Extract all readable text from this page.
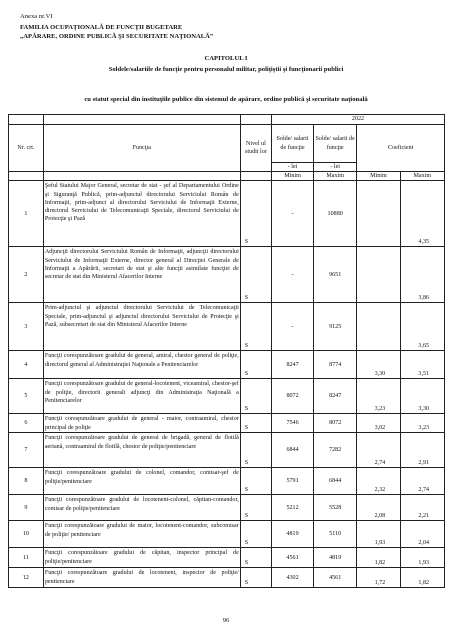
Anexa nr.VI
FAMILIA OCUPAŢIONALĂ DE FUNCŢII BUGETARE
„APĂRARE, ORDINE PUBLICĂ ŞI SECURITATE NAŢIONALĂ”
CAPITOLUL I
Soldele/salariile de funcţie pentru personalul militar, poliţiştii şi funcţionarii publici
cu statut special din instituţiile publice din sistemul de apărare, ordine publică şi securitate naţională
			2022			
Nr. crt.	Funcţia	Nivel ul studii lor	Solde/ salarii de funcţie	Solde/ salarii de funcţie	Coeficient	
			- lei	- lei		
			Minim	Maxim	Minim	Maxim
1	Şeful Statului Major General, secretar de stat - şef al Departamentului Ordine şi Siguranţă Publică, prim-adjunctul directorului Serviciului Român de Informaţii, prim-adjunct al directorului Serviciului de Informaţii Externe, directorul Serviciului de Telecomunicaţii Speciale, directorul Serviciului de Protecţie şi Pază	S	-	10880		4,35
2	Adjuncţii directorului Serviciului Român de Informaţii, adjuncţii directorului Serviciului de Informaţii Externe, director general al Direcţiei Generale de Informaţii a Apărării, secretari de stat şi alte funcţii asimilate funcţiei de secretar de stat din Ministerul Afacerilor Interne	S	-	9651		3,86
3	Prim-adjunctul şi adjunctul directorului Serviciului de Telecomunicaţii Speciale, prim-adjunctul şi adjunctul directorului Serviciului de Protecţie şi Pază, subsecretari de stat din Ministerul Afacerilor Interne	S	-	9125		3,65
4	Funcţii corespunzătoare gradului de general, amiral, chestor general de poliţie, directorul general al Administraţiei Naţionale a Penitenciarelor	S	8247	8774	3,30	3,51
5	Funcţii corespunzătoare gradului de general-locotenent, viceamiral, chestor-şef de poliţie, directorii generali adjuncţi din Administraţia Naţională a Penitenciarelor	S	8072	8247	3,23	3,30
6	Funcţii corespunzătoare gradului de general - maior, contraamiral, chestor principal de poliţie	S	7546	8072	3,02	3,23
7	Funcţii corespunzătoare gradului de general de brigadă, general de flotilă aeriană, contraamiral de flotilă, chestor de poliţie/penitenciare	S	6844	7282	2,74	2,91
8	Funcţii corespunzătoare gradului de colonel, comandor, comisar-şef de poliţie/penitenciare	S	5791	6844	2,32	2,74
9	Funcţii corespunzătoare gradului de locotenent-colonel, căpitan-comandor, comisar de poliţie/penitenciare	S	5212	5528	2,08	2,21
10	Funcţii corespunzătoare gradului de maior, locotenent-comandor, subcomisar de poliţie/ penitenciare	S	4819	5110	1,93	2,04
11	Funcţii corespunzătoare gradului de căpitan, inspector principal de poliţie/penitenciare	S	4561	4819	1,82	1,93
12	Funcţii corespunzătoare gradului de locotenent, inspector de poliţie/ penitenciare	S	4302	4561	1,72	1,82
96
